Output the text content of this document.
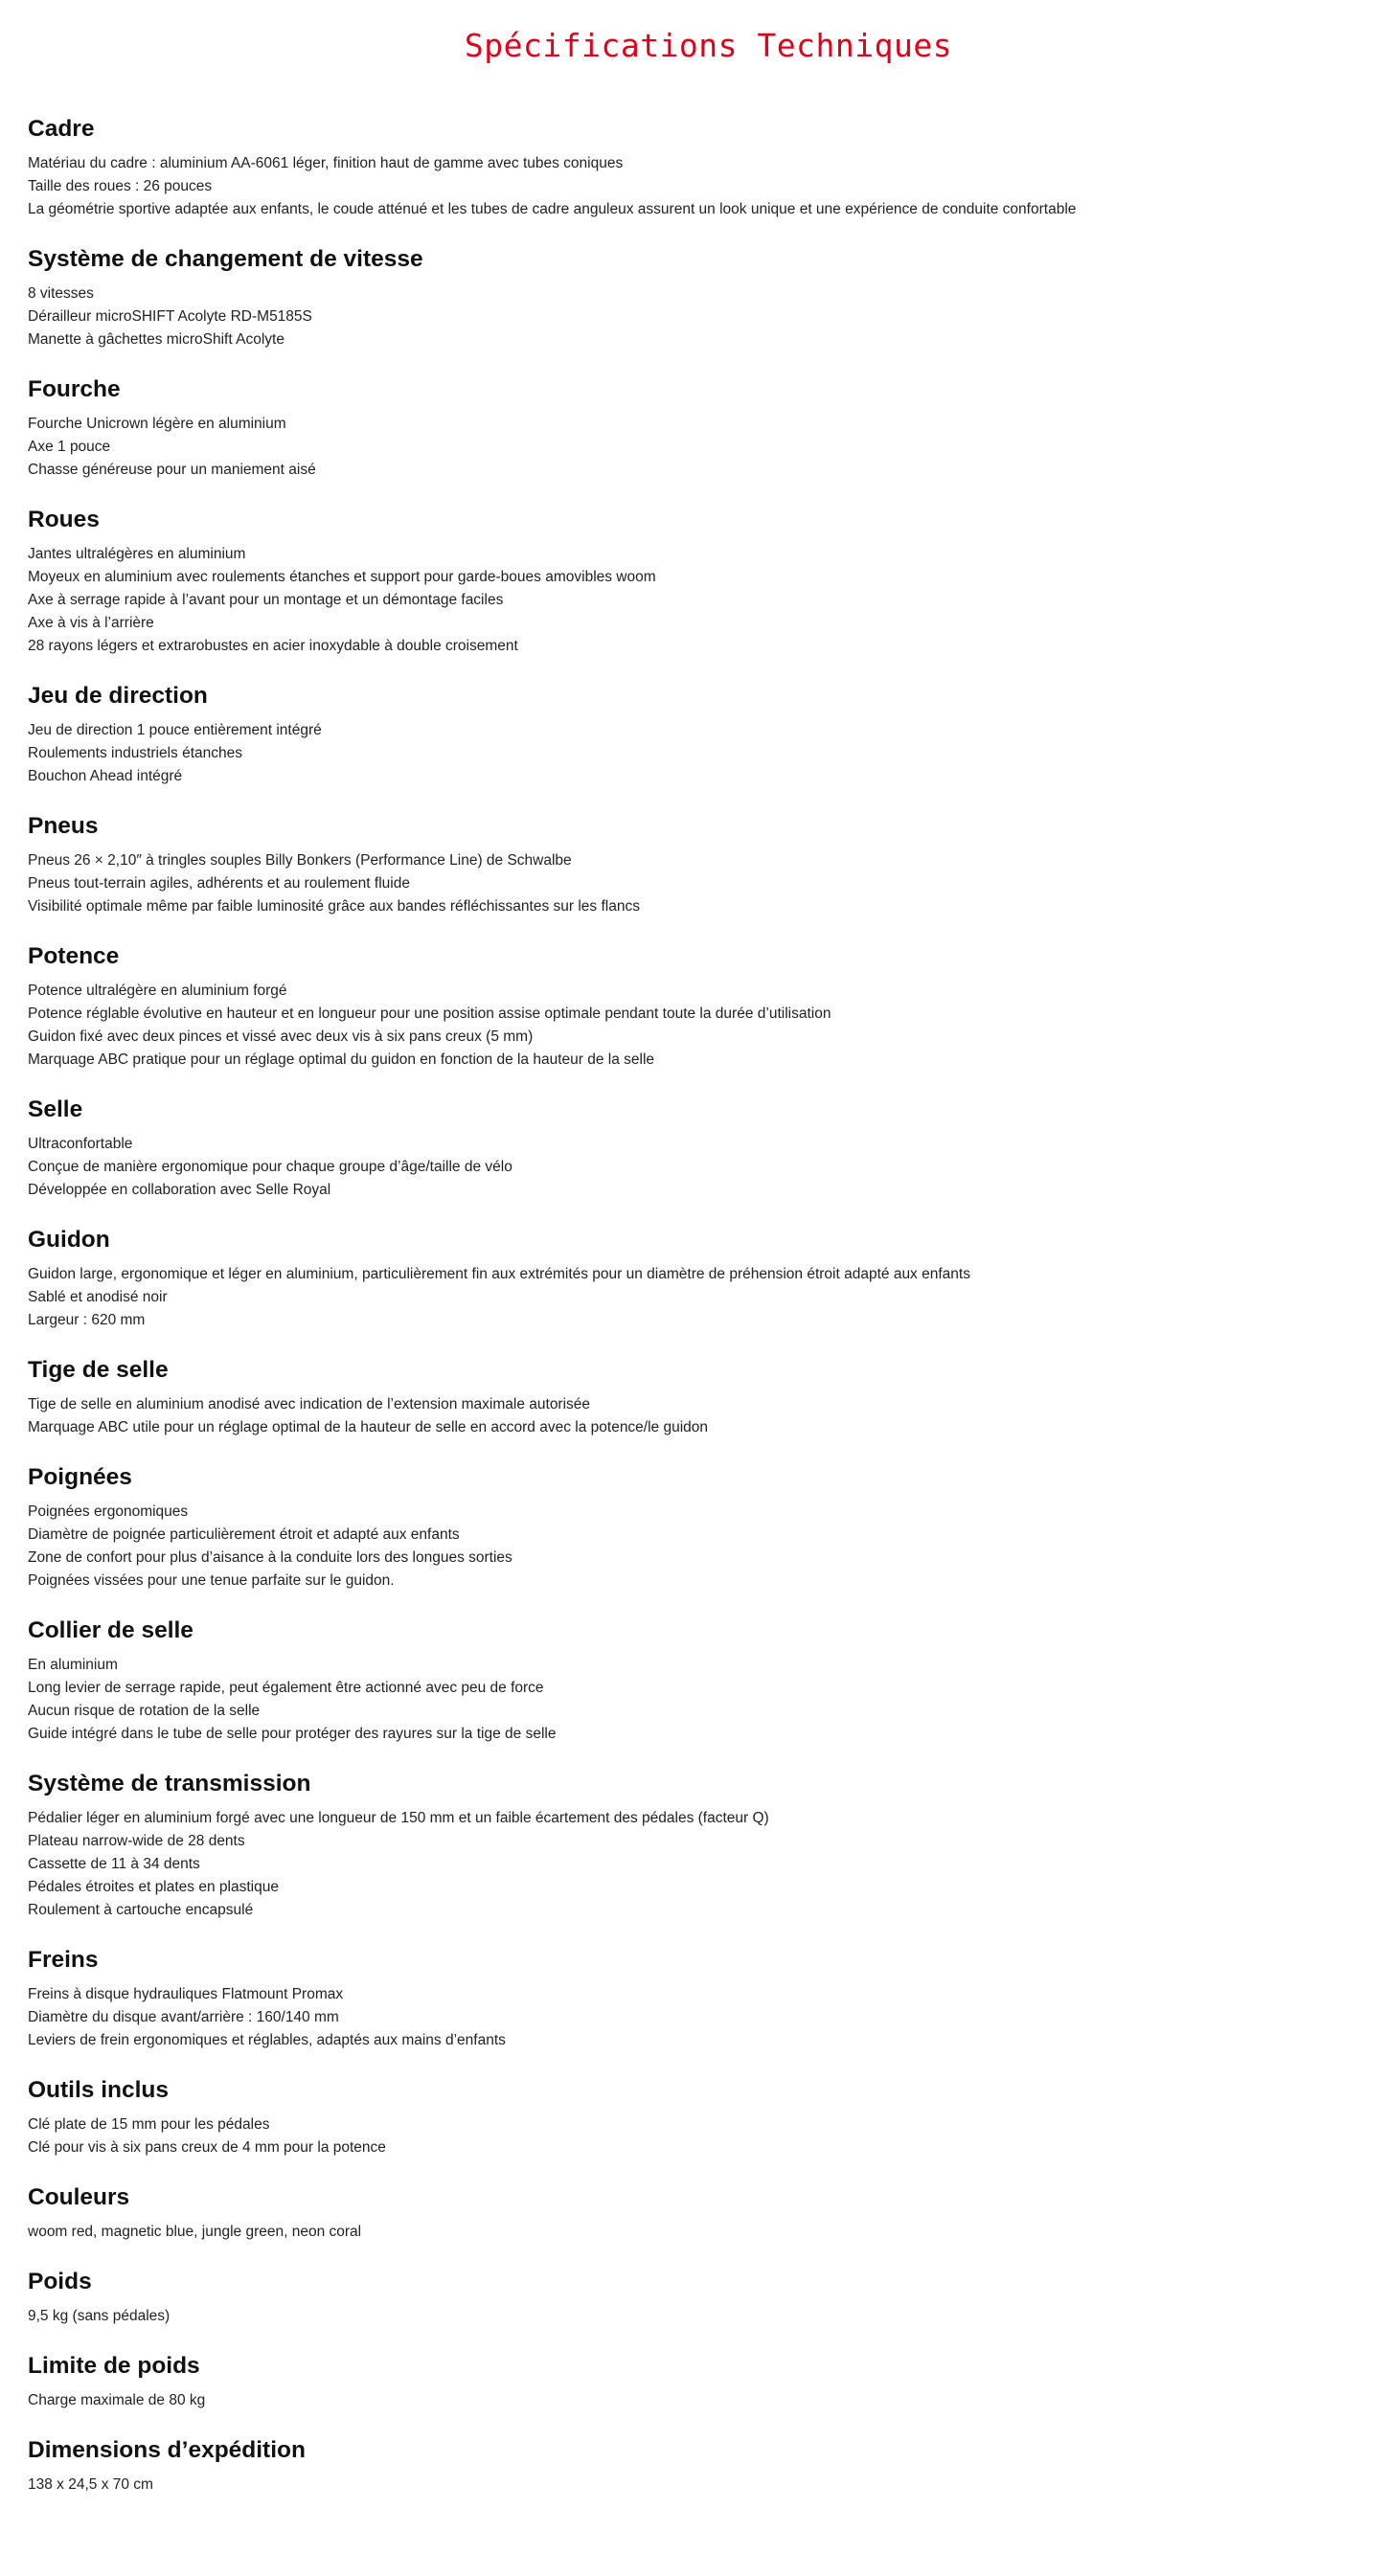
Spécifications Techniques
Cadre
Matériau du cadre : aluminium AA-6061 léger, finition haut de gamme avec tubes coniques
Taille des roues : 26 pouces
La géométrie sportive adaptée aux enfants, le coude atténué et les tubes de cadre anguleux assurent un look unique et une expérience de conduite confortable
Système de changement de vitesse
8 vitesses
Dérailleur microSHIFT Acolyte RD-M5185S
Manette à gâchettes microShift Acolyte
Fourche
Fourche Unicrown légère en aluminium
Axe 1 pouce
Chasse généreuse pour un maniement aisé
Roues
Jantes ultralégères en aluminium
Moyeux en aluminium avec roulements étanches et support pour garde-boues amovibles woom
Axe à serrage rapide à l’avant pour un montage et un démontage faciles
Axe à vis à l’arrière
28 rayons légers et extrarobustes en acier inoxydable à double croisement
Jeu de direction
Jeu de direction 1 pouce entièrement intégré
Roulements industriels étanches
Bouchon Ahead intégré
Pneus
Pneus 26 × 2,10″ à tringles souples Billy Bonkers (Performance Line) de Schwalbe
Pneus tout-terrain agiles, adhérents et au roulement fluide
Visibilité optimale même par faible luminosité grâce aux bandes réfléchissantes sur les flancs
Potence
Potence ultralégère en aluminium forgé
Potence réglable évolutive en hauteur et en longueur pour une position assise optimale pendant toute la durée d’utilisation
Guidon fixé avec deux pinces et vissé avec deux vis à six pans creux (5 mm)
Marquage ABC pratique pour un réglage optimal du guidon en fonction de la hauteur de la selle
Selle
Ultraconfortable
Conçue de manière ergonomique pour chaque groupe d’âge/taille de vélo
Développée en collaboration avec Selle Royal
Guidon
Guidon large, ergonomique et léger en aluminium, particulièrement fin aux extrémités pour un diamètre de préhension étroit adapté aux enfants
Sablé et anodisé noir
Largeur : 620 mm
Tige de selle
Tige de selle en aluminium anodisé avec indication de l’extension maximale autorisée
Marquage ABC utile pour un réglage optimal de la hauteur de selle en accord avec la potence/le guidon
Poignées
Poignées ergonomiques
Diamètre de poignée particulièrement étroit et adapté aux enfants
Zone de confort pour plus d’aisance à la conduite lors des longues sorties
Poignées vissées pour une tenue parfaite sur le guidon.
Collier de selle
En aluminium
Long levier de serrage rapide, peut également être actionné avec peu de force
Aucun risque de rotation de la selle
Guide intégré dans le tube de selle pour protéger des rayures sur la tige de selle
Système de transmission
Pédalier léger en aluminium forgé avec une longueur de 150 mm et un faible écartement des pédales (facteur Q)
Plateau narrow-wide de 28 dents
Cassette de 11 à 34 dents
Pédales étroites et plates en plastique
Roulement à cartouche encapsulé
Freins
Freins à disque hydrauliques Flatmount Promax
Diamètre du disque avant/arrière : 160/140 mm
Leviers de frein ergonomiques et réglables, adaptés aux mains d’enfants
Outils inclus
Clé plate de 15 mm pour les pédales
Clé pour vis à six pans creux de 4 mm pour la potence
Couleurs
woom red, magnetic blue, jungle green, neon coral
Poids
9,5 kg (sans pédales)
Limite de poids
Charge maximale de 80 kg
Dimensions d’expédition
138 x 24,5 x 70 cm
